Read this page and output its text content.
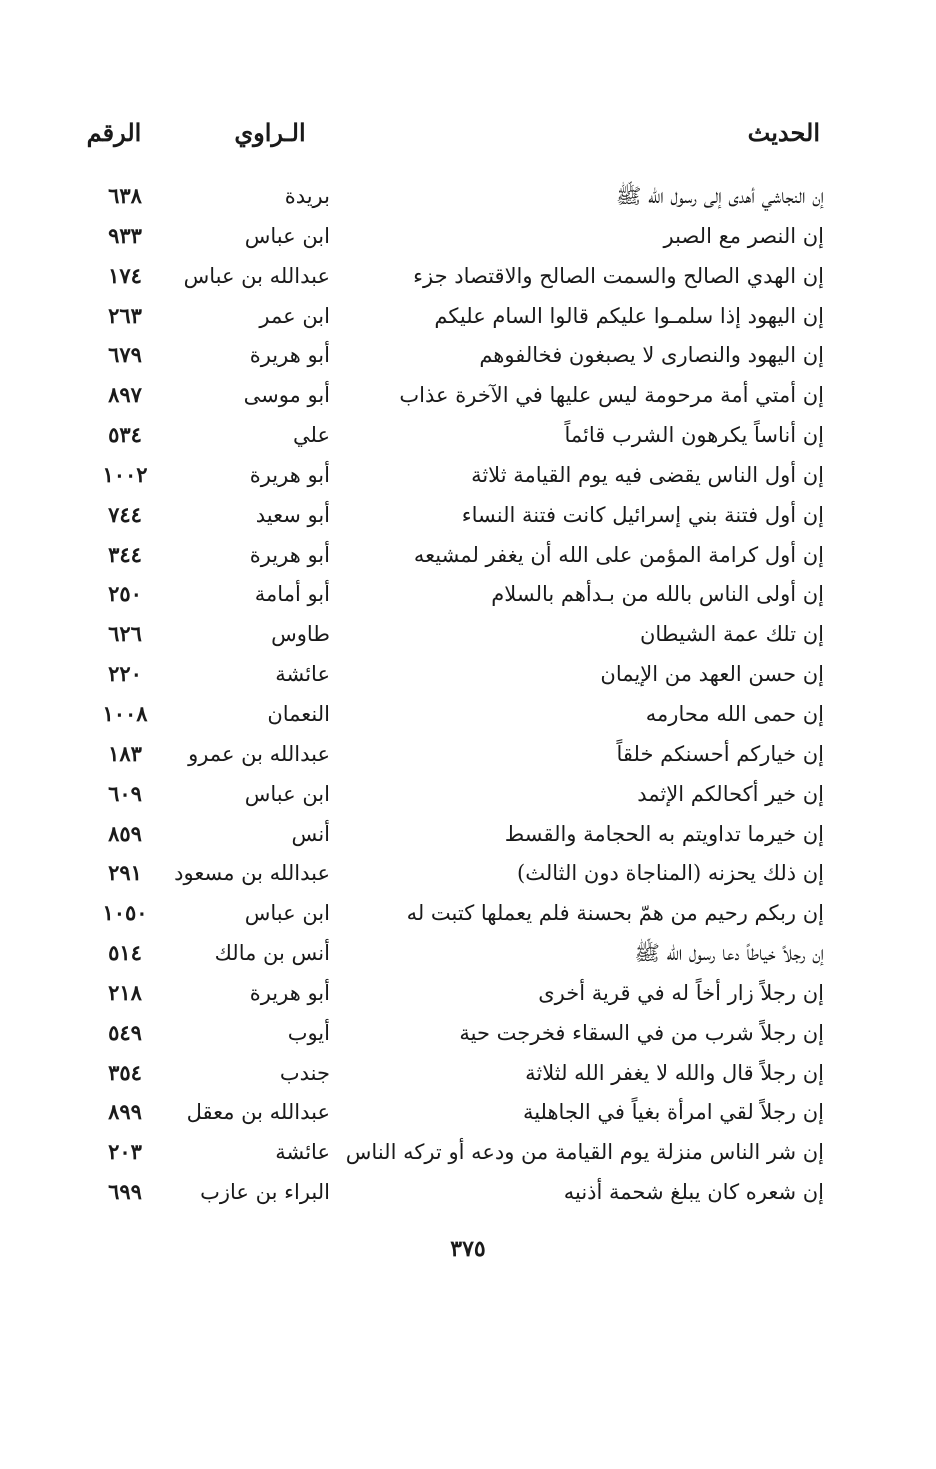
الحديث
الـراوي
الرقم
إن النجاشي أهدى إلى رسول الله ﷺ
بريدة
٦٣٨
إن النصر مع الصبر
ابن عباس
٩٣٣
إن الهدي الصالح والسمت الصالح والاقتصاد جزء
عبدالله بن عباس
١٧٤
إن اليهود إذا سلمـوا عليكم قالوا السام عليكم
ابن عمر
٢٦٣
إن اليهود والنصارى لا يصبغون فخالفوهم
أبو هريرة
٦٧٩
إن أمتي أمة مرحومة ليس عليها في الآخرة عذاب
أبو موسى
٨٩٧
إن أناساً يكرهون الشرب قائماً
علي
٥٣٤
إن أول الناس يقضى فيه يوم القيامة ثلاثة
أبو هريرة
١٠٠٢
إن أول فتنة بني إسرائيل كانت فتنة النساء
أبو سعيد
٧٤٤
إن أول كرامة المؤمن على الله أن يغفر لمشيعه
أبو هريرة
٣٤٤
إن أولى الناس بالله من بـدأهم بالسلام
أبو أمامة
٢٥٠
إن تلك عمة الشيطان
طاوس
٦٢٦
إن حسن العهد من الإيمان
عائشة
٢٢٠
إن حمى الله محارمه
النعمان
١٠٠٨
إن خياركم أحسنكم خلقاً
عبدالله بن عمرو
١٨٣
إن خير أكحالكم الإثمد
ابن عباس
٦٠٩
إن خيرما تداويتم به الحجامة والقسط
أنس
٨٥٩
إن ذلك يحزنه (المناجاة دون الثالث)
عبدالله بن مسعود
٢٩١
إن ربكم رحيم من همّ بحسنة فلم يعملها كتبت له
ابن عباس
١٠٥٠
إن رجلاً خياطاً دعا رسول الله ﷺ
أنس بن مالك
٥١٤
إن رجلاً زار أخاً له في قرية أخرى
أبو هريرة
٢١٨
إن رجلاً شرب من في السقاء فخرجت حية
أيوب
٥٤٩
إن رجلاً قال والله لا يغفر الله لثلاثة
جندب
٣٥٤
إن رجلاً لقي امرأة بغياً في الجاهلية
عبدالله بن معقل
٨٩٩
إن شر الناس منزلة يوم القيامة من ودعه أو تركه الناس
عائشة
٢٠٣
إن شعره كان يبلغ شحمة أذنيه
البراء بن عازب
٦٩٩
٣٧٥
